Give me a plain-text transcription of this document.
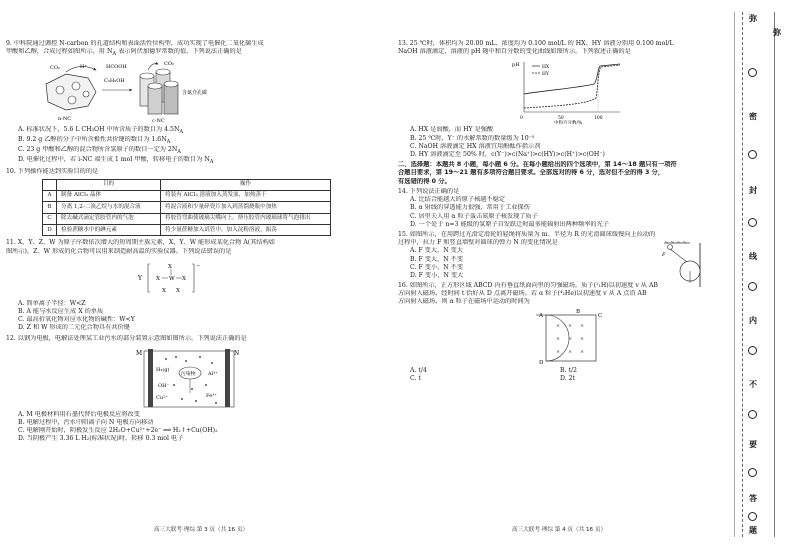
9. 中科院通过调控 N-carbon 的孔道结构和表面活性位构型，成功实现了电催化二氧化碳生成
甲酸和乙醇，合成过程如图所示。用 $N_A$ 表示阿伏加德罗常数的值，下列说法正确的是
CO₂	H⁺
n-NC
HCOOH
C₂H₅OH
CO₂
含氮介孔碳
c-NC
A. 标准状况下，5.6 L CH₃OH 中所含质子的数目为 $4.5N_A$
B. 9.2 g 乙醇的分子中所含极性共价键的数目为 $1.6N_A$
C. 23 g 甲酸和乙醇的混合物所含氢原子的数目一定为 $2N_A$
D. 电催化过程中，若 i-NC 端生成 1 mol 甲酸，转移电子的数目为 $N_A$
10. 下列操作能达到实验目的的是
	目的	操作
A	制备 AlCl₃ 晶体	将装有 AlCl₃ 溶液加入蒸发皿，加热蒸干
B	分离 1,2-二溴乙烷与水的混合液	将混合液和少量碎瓷片加入到蒸馏烧瓶中加热
C	除去碱式滴定管胶管内的气泡	将胶管弯曲使玻璃尖嘴向上，挤压胶管内玻璃球将气泡排出
D	检验蔗糖水中的碘元素	将少量蔗糖加入试管中，加入淀粉溶液，振荡
11. X、Y、Z、W 为原子序数依次增大的短周期主族元素，X、Y、W 能形成某化合物 A(其结构如
图所示)，Z、W 形成的化合物可以用来制造耐高温的实验仪器。下列说法错误的是
Y
X
X W X
X X
−
A. 简单离子半径：W<Z
B. A 能与水反应生成 X 的单质
C. 最高价氧化物对应水化物的碱性：W<Y
D. Z 和 W 形成的二元化合物具有共价键
12. 以钢为电极，电解法处理某工业污水的部分装置示意图如图所示。下列说法正确的是
M	N
H₂(g)
污染物
OH⁻
Cu²⁺	Fe³⁺
Al³⁺
A. M 电极材料用石墨代替后电极反应将改变
B. 电解过程中，污水中阳离子向 N 电极方向移动
C. 电解刚开始时，阴极发生反应 2H₂O+Cu²⁺+2e⁻ ══ H₂↑+Cu(OH)₂
D. 当阴极产生 3.36 L H₂(标准状况)时，转移 0.3 mol 电子
高三大联考·理综 第 3 页（共 16 页）
13. 25 ℃时，体积均为 20.00 mL、浓度均为 0.100 mol/L 的 HX、HY 溶液分别用 0.100 mol/L
NaOH 溶液滴定，溶液的 pH 随中和百分数的变化曲线如图所示。下列叙述正确的是
pH
0	50	100
中和百分数/%
HX
HY
A. HX 是弱酸，而 HY 是强酸
B. 25 ℃时，Y⁻ 的水解常数的数量级为 10⁻⁵
C. NaOH 溶液滴定 HX 溶液宜用酚酞作指示剂
D. HY 溶液滴定至 50% 时，c(Y⁻)>c(Na⁺)>c(HY)>c(H⁺)>c(OH⁻)
二、选择题：本题共 8 小题，每小题 6 分。在每小题给出的四个选项中，第 14～18 题只有一项符
合题目要求，第 19～21 题有多项符合题目要求。全部选对的得 6 分，选对但不全的得 3 分，
有选错的得 0 分。
14. 下列说法正确的是
A. 比结合能越大的原子核越不稳定
B. α 射线的穿透能力很强，常用于工业探伤
C. 居里夫人用 α 粒子轰击氮原子核发现了质子
D. 一个处于 n=3 能级的氢原子自发跃迁时最多能辐射出两种频率的光子
15. 如图所示，在用跨过光滑定滑轮的轻绳将质量为 m、半径为 R 的光滑圆球缓慢向上拉动的
过程中，拉力 F 和竖直墙壁对圆球的弹力 N 的变化情况是
A. F 变大，N 变大
B. F 变大，N 不变
C. F 变小，N 不变
D. F 变小，N 变大
F
16. 如图所示，正方形区域 ABCD 内有垂直纸面向里的匀强磁场。质子(¹₁H)以初速度 v 从 AB
方向射入磁场，经时间 t 恰好从 D 点离开磁场。若 α 粒子(⁴₂He)以初速度 v 从 A 点沿 AB
方向射入磁场，则 α 粒子在磁场中运动的时间为
A
B
C
D
× × ×
× × ×
× × ×
A. t/4	B. t/2
C. t	D. 2t
高三大联考·理综 第 4 页（共 16 页）
弥
弥
密
封
线
内
不
要
答
题
